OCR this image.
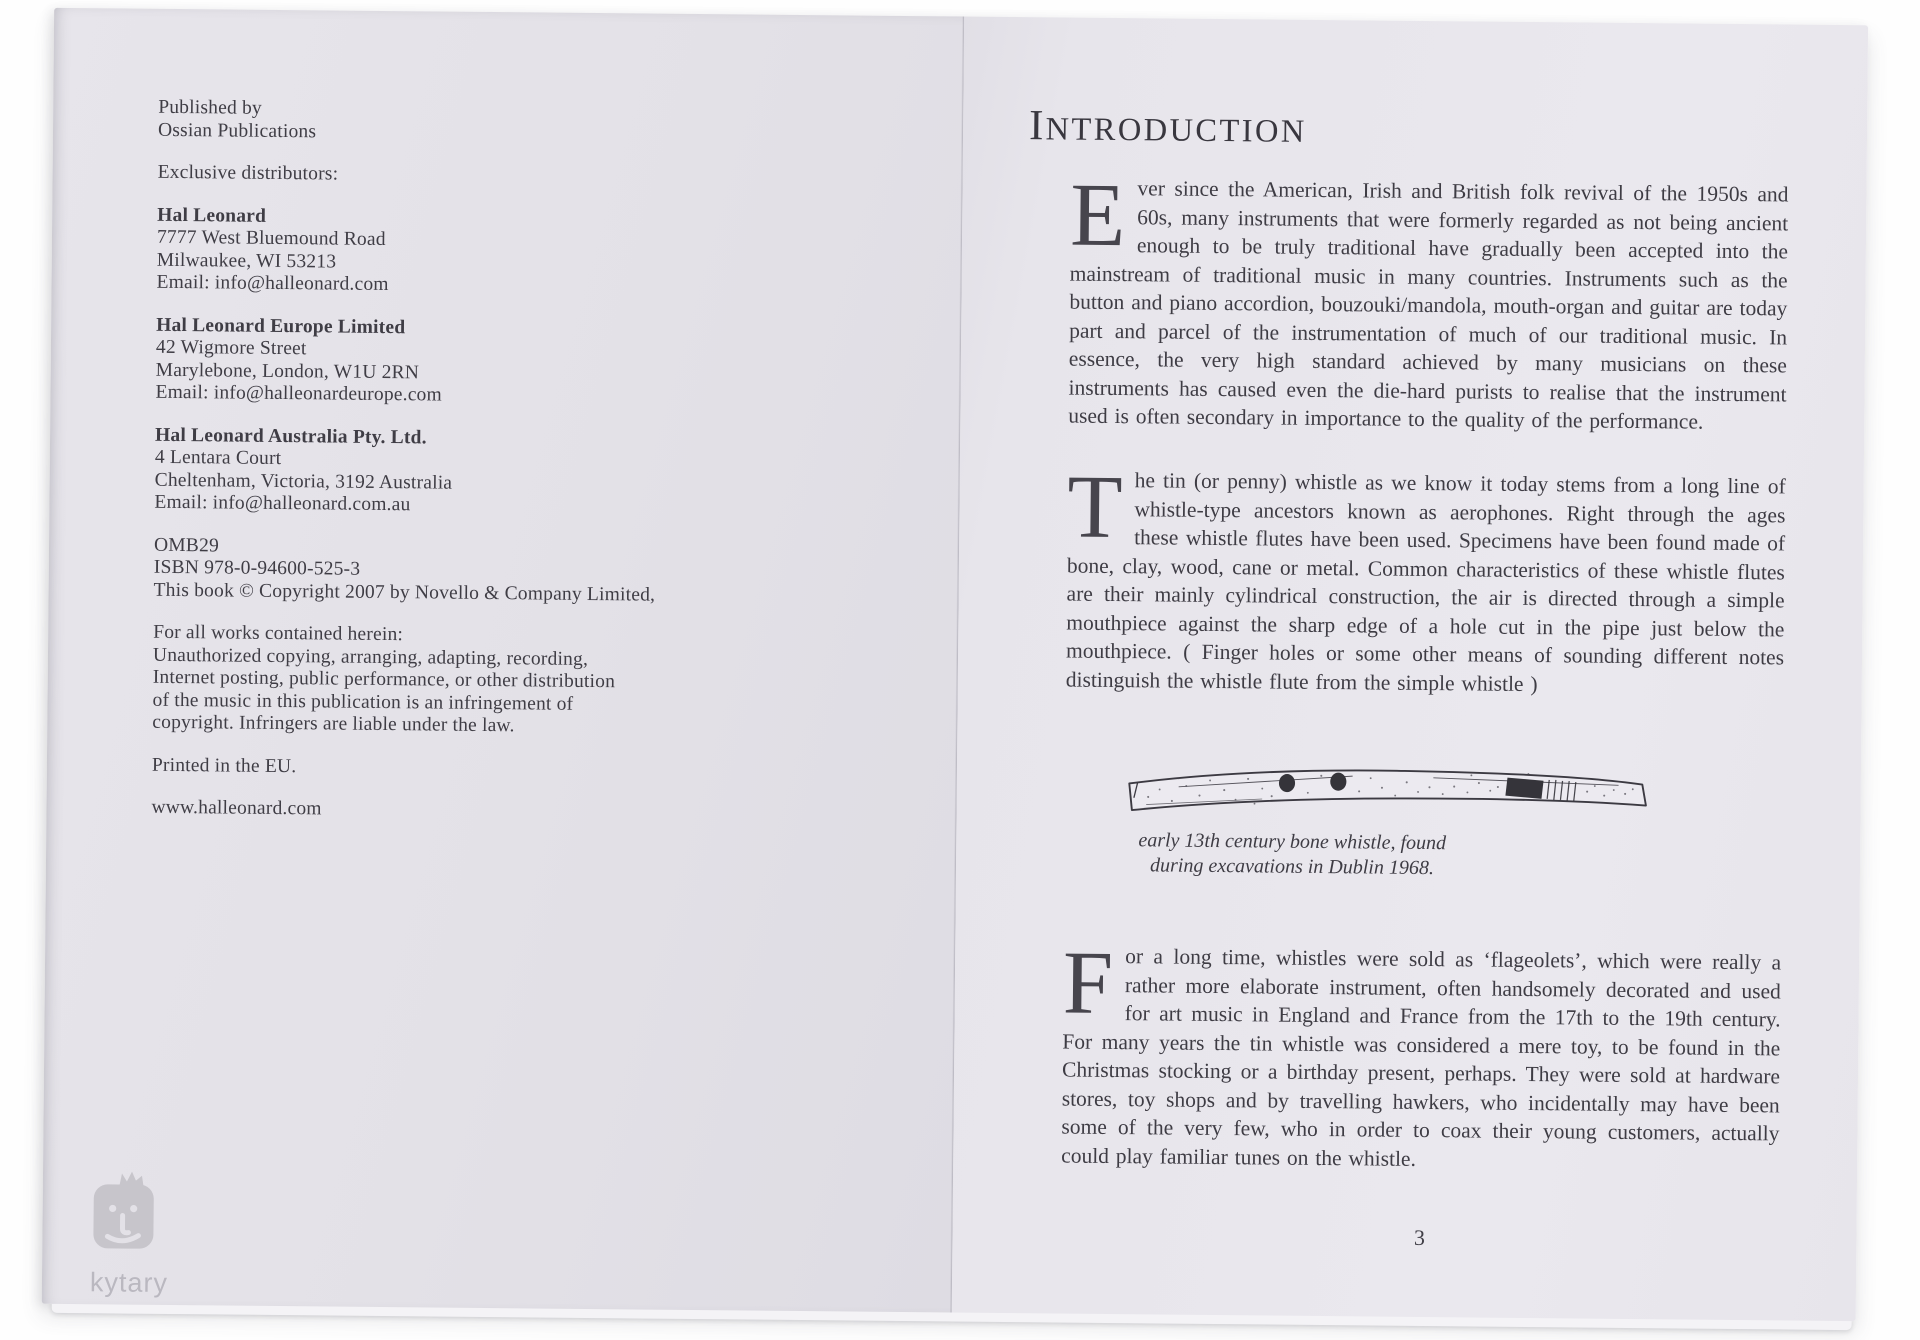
Published by
Ossian Publications
Exclusive distributors:
Hal Leonard
7777 West Bluemound Road
Milwaukee, WI 53213
Email: info@halleonard.com
Hal Leonard Europe Limited
42 Wigmore Street
Marylebone, London, W1U 2RN
Email: info@halleonardeurope.com
Hal Leonard Australia Pty. Ltd.
4 Lentara Court
Cheltenham, Victoria, 3192 Australia
Email: info@halleonard.com.au
OMB29
ISBN 978-0-94600-525-3
This book © Copyright 2007 by Novello & Company Limited,
For all works contained herein:
Unauthorized copying, arranging, adapting, recording,
Internet posting, public performance, or other distribution
of the music in this publication is an infringement of
copyright. Infringers are liable under the law.
Printed in the EU.
www.halleonard.com
kytary
INTRODUCTION

Ever since the American, Irish and British folk revival of the 1950s and 60s, many instruments that were formerly regarded as not being ancient enough to be truly traditional have gradually been accepted into the mainstream of traditional music in many countries. Instruments such as the button and piano accordion, bouzouki/mandola, mouth-organ and guitar are today part and parcel of the instrumentation of much of our traditional music. In essence, the very high standard achieved by many musicians on these instruments has caused even the die-hard purists to realise that the instrument used is often secondary in importance to the quality of the performance.

The tin (or penny) whistle as we know it today stems from a long line of whistle-type ancestors known as aerophones. Right through the ages these whistle flutes have been used. Specimens have been found made of bone, clay, wood, cane or metal. Common characteristics of these whistle flutes are their mainly cylindrical construction, the air is directed through a simple mouthpiece against the sharp edge of a hole cut in the pipe just below the mouthpiece. ( Finger holes or some other means of sounding different notes distinguish the whistle flute from the simple whistle )

early 13th century bone whistle, found
during excavations in Dublin 1968.

For a long time, whistles were sold as ‘flageolets’, which were really a rather more elaborate instrument, often handsomely decorated and used for art music in England and France from the 17th to the 19th century. For many years the tin whistle was considered a mere toy, to be found in the Christmas stocking or a birthday present, perhaps. They were sold at hardware stores, toy shops and by travelling hawkers, who incidentally may have been some of the very few, who in order to coax their young customers, actually could play familiar tunes on the whistle.

3
